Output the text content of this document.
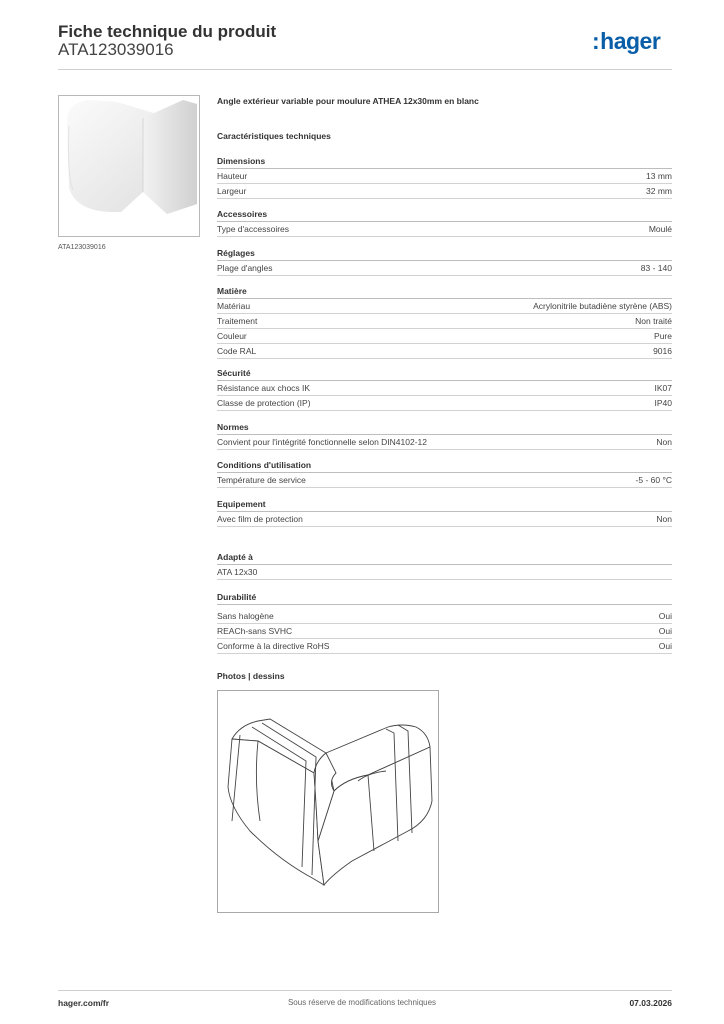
Fiche technique du produit
ATA123039016	:hager
ATA123039016
Angle extérieur variable pour moulure ATHEA 12x30mm en blanc
Caractéristiques techniques
Dimensions
Hauteur	13 mm
Largeur	32 mm
Accessoires
Type d'accessoires	Moulé
Réglages
Plage d'angles	83 - 140
Matière
Matériau	Acrylonitrile butadiène styrène (ABS)
Traitement	Non traité
Couleur	Pure
Code RAL	9016
Sécurité
Résistance aux chocs IK	IK07
Classe de protection (IP)	IP40
Normes
Convient pour l'intégrité fonctionnelle selon DIN4102-12	Non
Conditions d'utilisation
Température de service	-5 - 60 °C
Equipement
Avec film de protection	Non
Adapté à
ATA 12x30
Durabilité
Sans halogène	Oui
REACh-sans SVHC	Oui
Conforme à la directive RoHS	Oui
Photos | dessins
hager.com/fr	Sous réserve de modifications techniques	07.03.2026
